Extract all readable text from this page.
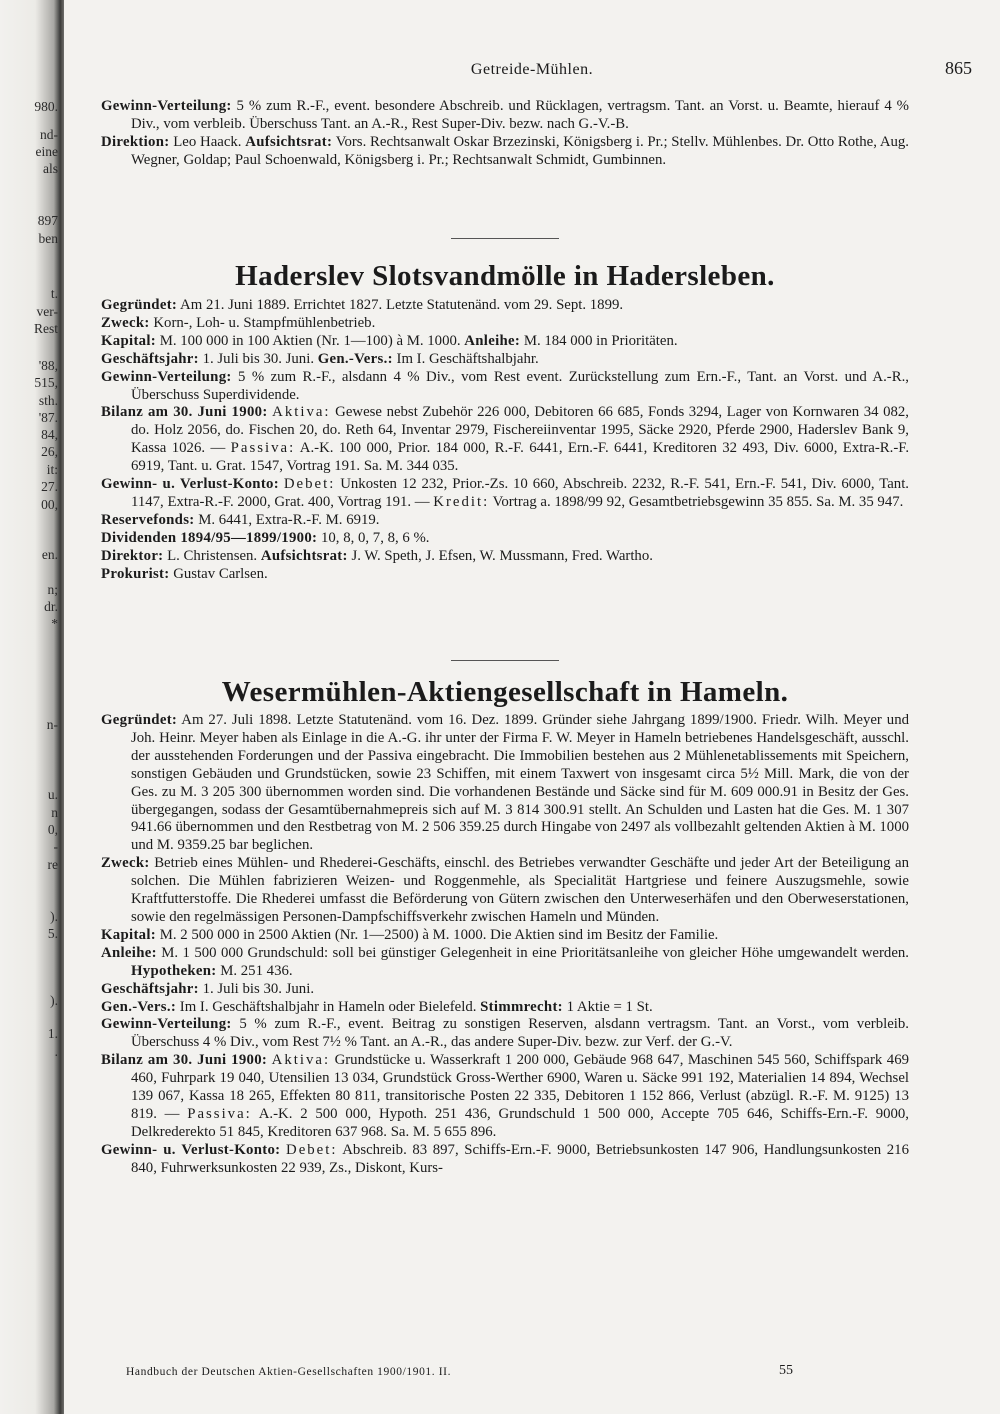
980.
nd-
eine
als
897
ben
t.
ver-
Rest
'88,
515,
sth.
'87.
84,
26,
it:
27.
00,
en.
n;
dr.
*
n-
u.
n
0,
-
re
).
5.
).
1.
.
Getreide-Mühlen.	865

Gewinn-Verteilung: 5 % zum R.-F., event. besondere Abschreib. und Rücklagen, vertragsm. Tant. an Vorst. u. Beamte, hierauf 4 % Div., vom verbleib. Überschuss Tant. an A.-R., Rest Super-Div. bezw. nach G.-V.-B.

Direktion: Leo Haack. Aufsichtsrat: Vors. Rechtsanwalt Oskar Brzezinski, Königsberg i. Pr.; Stellv. Mühlenbes. Dr. Otto Rothe, Aug. Wegner, Goldap; Paul Schoenwald, Königsberg i. Pr.; Rechtsanwalt Schmidt, Gumbinnen.

Haderslev Slotsvandmölle in Hadersleben.

Gegründet: Am 21. Juni 1889. Errichtet 1827. Letzte Statutenänd. vom 29. Sept. 1899.

Zweck: Korn-, Loh- u. Stampfmühlenbetrieb.

Kapital: M. 100 000 in 100 Aktien (Nr. 1—100) à M. 1000. Anleihe: M. 184 000 in Prioritäten.

Geschäftsjahr: 1. Juli bis 30. Juni. Gen.-Vers.: Im I. Geschäftshalbjahr.

Gewinn-Verteilung: 5 % zum R.-F., alsdann 4 % Div., vom Rest event. Zurückstellung zum Ern.-F., Tant. an Vorst. und A.-R., Überschuss Superdividende.

Bilanz am 30. Juni 1900: Aktiva: Gewese nebst Zubehör 226 000, Debitoren 66 685, Fonds 3294, Lager von Kornwaren 34 082, do. Holz 2056, do. Fischen 20, do. Reth 64, Inventar 2979, Fischereiinventar 1995, Säcke 2920, Pferde 2900, Haderslev Bank 9, Kassa 1026. — Passiva: A.-K. 100 000, Prior. 184 000, R.-F. 6441, Ern.-F. 6441, Kreditoren 32 493, Div. 6000, Extra-R.-F. 6919, Tant. u. Grat. 1547, Vortrag 191. Sa. M. 344 035.

Gewinn- u. Verlust-Konto: Debet: Unkosten 12 232, Prior.-Zs. 10 660, Abschreib. 2232, R.-F. 541, Ern.-F. 541, Div. 6000, Tant. 1147, Extra-R.-F. 2000, Grat. 400, Vortrag 191. — Kredit: Vortrag a. 1898/99 92, Gesamtbetriebsgewinn 35 855. Sa. M. 35 947.

Reservefonds: M. 6441, Extra-R.-F. M. 6919.

Dividenden 1894/95—1899/1900: 10, 8, 0, 7, 8, 6 %.

Direktor: L. Christensen. Aufsichtsrat: J. W. Speth, J. Efsen, W. Mussmann, Fred. Wartho.

Prokurist: Gustav Carlsen.

Wesermühlen-Aktiengesellschaft in Hameln.

Gegründet: Am 27. Juli 1898. Letzte Statutenänd. vom 16. Dez. 1899. Gründer siehe Jahrgang 1899/1900. Friedr. Wilh. Meyer und Joh. Heinr. Meyer haben als Einlage in die A.-G. ihr unter der Firma F. W. Meyer in Hameln betriebenes Handelsgeschäft, ausschl. der ausstehenden Forderungen und der Passiva eingebracht. Die Immobilien bestehen aus 2 Mühlenetablissements mit Speichern, sonstigen Gebäuden und Grundstücken, sowie 23 Schiffen, mit einem Taxwert von insgesamt circa 5½ Mill. Mark, die von der Ges. zu M. 3 205 300 übernommen worden sind. Die vorhandenen Bestände und Säcke sind für M. 609 000.91 in Besitz der Ges. übergegangen, sodass der Gesamtübernahmepreis sich auf M. 3 814 300.91 stellt. An Schulden und Lasten hat die Ges. M. 1 307 941.66 übernommen und den Restbetrag von M. 2 506 359.25 durch Hingabe von 2497 als vollbezahlt geltenden Aktien à M. 1000 und M. 9359.25 bar beglichen.

Zweck: Betrieb eines Mühlen- und Rhederei-Geschäfts, einschl. des Betriebes verwandter Geschäfte und jeder Art der Beteiligung an solchen. Die Mühlen fabrizieren Weizen- und Roggenmehle, als Specialität Hartgriese und feinere Auszugsmehle, sowie Kraftfutterstoffe. Die Rhederei umfasst die Beförderung von Gütern zwischen den Unterweserhäfen und den Oberweserstationen, sowie den regelmässigen Personen-Dampfschiffsverkehr zwischen Hameln und Münden.

Kapital: M. 2 500 000 in 2500 Aktien (Nr. 1—2500) à M. 1000. Die Aktien sind im Besitz der Familie.

Anleihe: M. 1 500 000 Grundschuld: soll bei günstiger Gelegenheit in eine Prioritätsanleihe von gleicher Höhe umgewandelt werden. Hypotheken: M. 251 436.

Geschäftsjahr: 1. Juli bis 30. Juni.

Gen.-Vers.: Im I. Geschäftshalbjahr in Hameln oder Bielefeld. Stimmrecht: 1 Aktie = 1 St.

Gewinn-Verteilung: 5 % zum R.-F., event. Beitrag zu sonstigen Reserven, alsdann vertragsm. Tant. an Vorst., vom verbleib. Überschuss 4 % Div., vom Rest 7½ % Tant. an A.-R., das andere Super-Div. bezw. zur Verf. der G.-V.

Bilanz am 30. Juni 1900: Aktiva: Grundstücke u. Wasserkraft 1 200 000, Gebäude 968 647, Maschinen 545 560, Schiffspark 469 460, Fuhrpark 19 040, Utensilien 13 034, Grundstück Gross-Werther 6900, Waren u. Säcke 991 192, Materialien 14 894, Wechsel 139 067, Kassa 18 265, Effekten 80 811, transitorische Posten 22 335, Debitoren 1 152 866, Verlust (abzügl. R.-F. M. 9125) 13 819. — Passiva: A.-K. 2 500 000, Hypoth. 251 436, Grundschuld 1 500 000, Accepte 705 646, Schiffs-Ern.-F. 9000, Delkrederekto 51 845, Kreditoren 637 968. Sa. M. 5 655 896.

Gewinn- u. Verlust-Konto: Debet: Abschreib. 83 897, Schiffs-Ern.-F. 9000, Betriebsunkosten 147 906, Handlungsunkosten 216 840, Fuhrwerksunkosten 22 939, Zs., Diskont, Kurs-

Handbuch der Deutschen Aktien-Gesellschaften 1900/1901. II.	55
